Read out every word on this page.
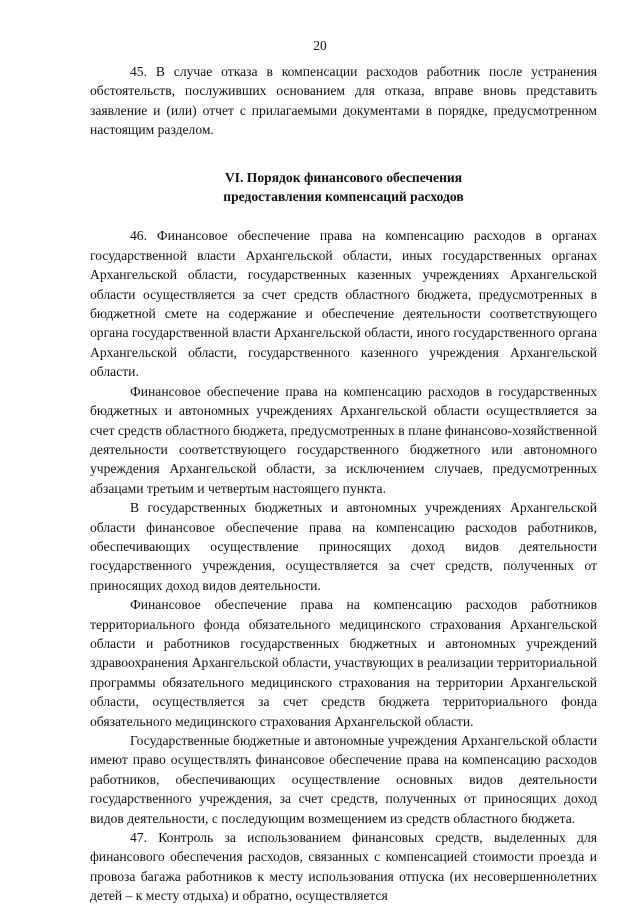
20

45. В случае отказа в компенсации расходов работник после устранения обстоятельств, послуживших основанием для отказа, вправе вновь представить заявление и (или) отчет с прилагаемыми документами в порядке, предусмотренном настоящим разделом.

VI. Порядок финансового обеспечения
предоставления компенсаций расходов

46. Финансовое обеспечение права на компенсацию расходов в органах государственной власти Архангельской области, иных государственных органах Архангельской области, государственных казенных учреждениях Архангельской области осуществляется за счет средств областного бюджета, предусмотренных в бюджетной смете на содержание и обеспечение деятельности соответствующего органа государственной власти Архангельской области, иного государственного органа Архангельской области, государственного казенного учреждения Архангельской области.

Финансовое обеспечение права на компенсацию расходов в государственных бюджетных и автономных учреждениях Архангельской области осуществляется за счет средств областного бюджета, предусмотренных в плане финансово-хозяйственной деятельности соответствующего государственного бюджетного или автономного учреждения Архангельской области, за исключением случаев, предусмотренных абзацами третьим и четвертым настоящего пункта.

В государственных бюджетных и автономных учреждениях Архангельской области финансовое обеспечение права на компенсацию расходов работников, обеспечивающих осуществление приносящих доход видов деятельности государственного учреждения, осуществляется за счет средств, полученных от приносящих доход видов деятельности.

Финансовое обеспечение права на компенсацию расходов работников территориального фонда обязательного медицинского страхования Архангельской области и работников государственных бюджетных и автономных учреждений здравоохранения Архангельской области, участвующих в реализации территориальной программы обязательного медицинского страхования на территории Архангельской области, осуществляется за счет средств бюджета территориального фонда обязательного медицинского страхования Архангельской области.

Государственные бюджетные и автономные учреждения Архангельской области имеют право осуществлять финансовое обеспечение права на компенсацию расходов работников, обеспечивающих осуществление основных видов деятельности государственного учреждения, за счет средств, полученных от приносящих доход видов деятельности, с последующим возмещением из средств областного бюджета.

47. Контроль за использованием финансовых средств, выделенных для финансового обеспечения расходов, связанных с компенсацией стоимости проезда и провоза багажа работников к месту использования отпуска (их несовершеннолетних детей – к месту отдыха) и обратно, осуществляется
